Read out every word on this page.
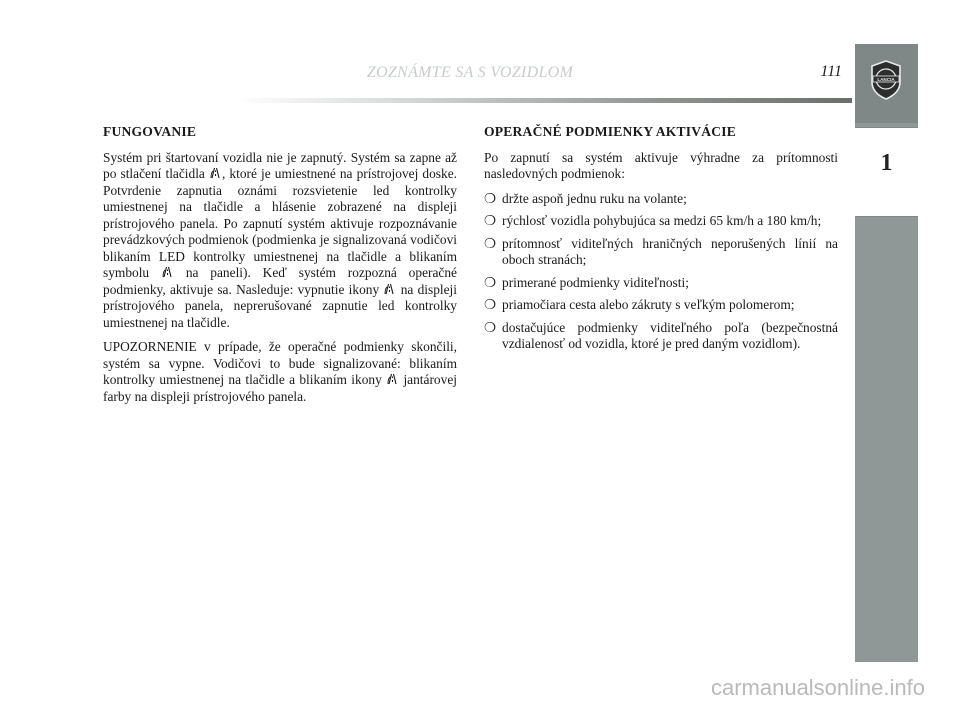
ZOZNÁMTE SA S VOZIDLOM	111	LANCIA
1
FUNGOVANIE

Systém pri štartovaní vozidla nie je zapnutý. Systém sa zapne až po stlačení tlačidla , ktoré je umiestnené na prístrojovej doske. Potvrdenie zapnutia oznámi rozsvietenie led kontrolky umiestnenej na tlačidle a hlásenie zobrazené na displeji prístrojového panela. Po zapnutí systém aktivuje rozpoznávanie prevádzkových podmienok (podmienka je signalizovaná vodičovi blikaním LED kontrolky umiestnenej na tlačidle a blikaním symbolu	na paneli). Keď systém rozpozná operačné podmienky, aktivuje sa. Nasleduje: vypnutie ikony na displeji prístrojového panela, neprerušované zapnutie led kontrolky umiestnenej na tlačidle.

UPOZORNENIE v prípade, že operačné podmienky skončili, systém sa vypne. Vodičovi to bude signalizované: blikaním kontrolky umiestnenej na tlačidle a blikaním ikony jantárovej farby na displeji prístrojového panela.

OPERAČNÉ PODMIENKY AKTIVÁCIE

Po zapnutí sa systém aktivuje výhradne za prítomnosti nasledovných podmienok:

❍ držte aspoň jednu ruku na volante;
❍ rýchlosť vozidla pohybujúca sa medzi 65 km/h a 180 km/h;
❍ prítomnosť viditeľných hraničných neporušených línií na oboch stranách;
❍ primerané podmienky viditeľnosti;
❍ priamočiara cesta alebo zákruty s veľkým polomerom;
❍ dostačujúce podmienky viditeľného poľa (bezpečnostná vzdialenosť od vozidla, ktoré je pred daným vozidlom).
carmanualsonline.info
